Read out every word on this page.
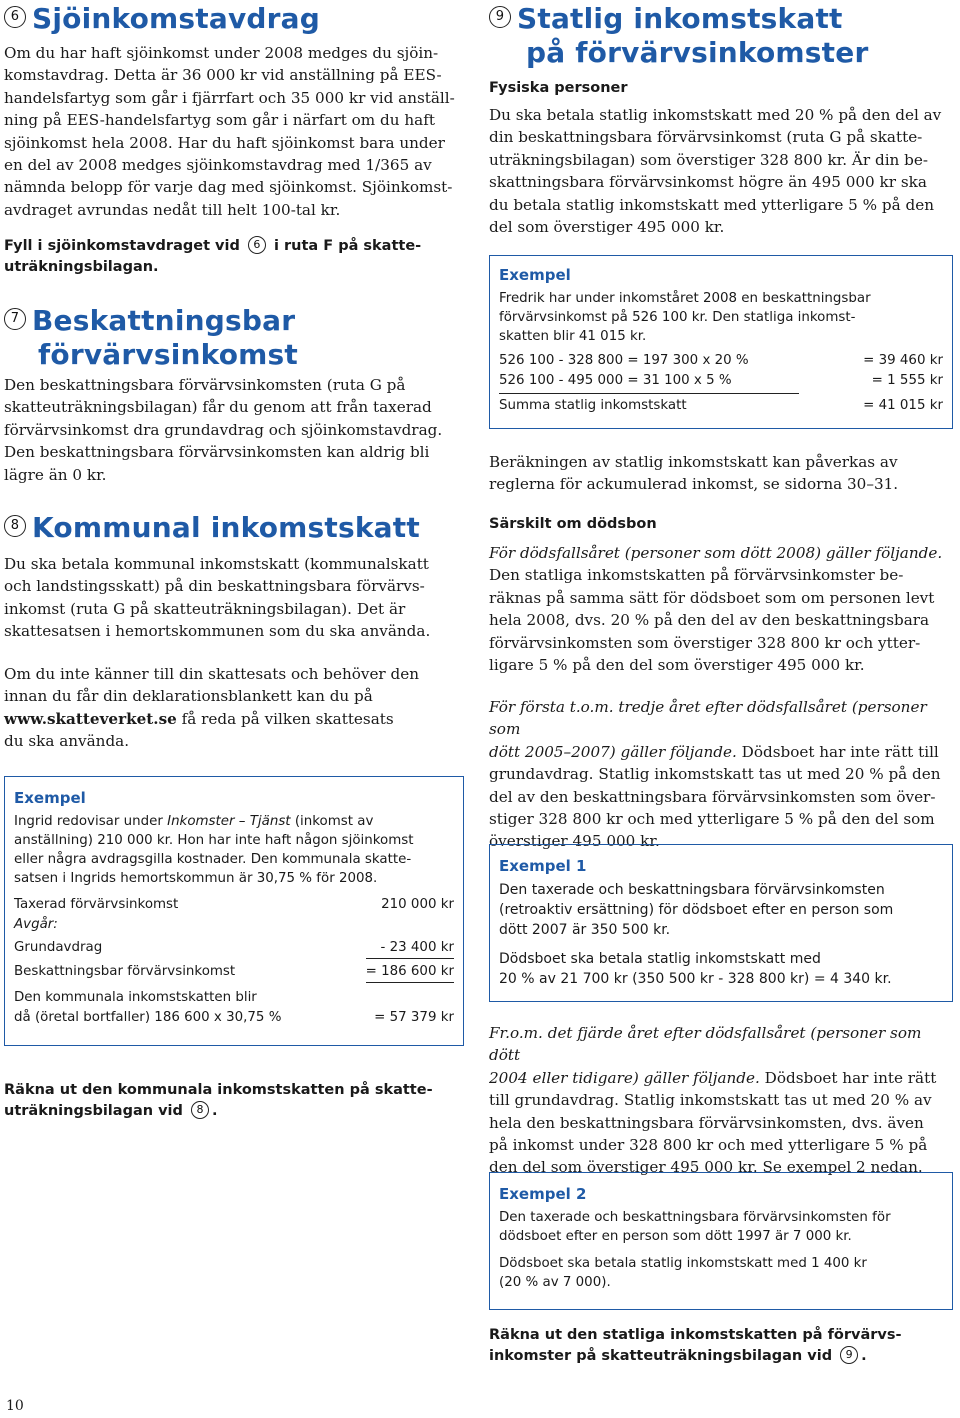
6 Sjöinkomstavdrag

Om du har haft sjöinkomst under 2008 medges du sjöin-

komstavdrag. Detta är 36 000 kr vid anställning på EES-

handelsfartyg som går i fjärrfart och 35 000 kr vid anställ-

ning på EES-handelsfartyg som går i närfart om du haft

sjöinkomst hela 2008. Har du haft sjöinkomst bara under

en del av 2008 medges sjöinkomstavdrag med 1/365 av

nämnda belopp för varje dag med sjöinkomst. Sjöinkomst-

avdraget avrundas nedåt till helt 100-tal kr.

Fyll i sjöinkomstavdraget vid 6 i ruta F på skatte-

uträkningsbilagan.

7 Beskattningsbar
förvärvsinkomst

Den beskattningsbara förvärvsinkomsten (ruta G på

skatteuträkningsbilagan) får du genom att från taxerad

förvärvsinkomst dra grundavdrag och sjöinkomstavdrag.

Den beskattningsbara förvärvsinkomsten kan aldrig bli

lägre än 0 kr.

8 Kommunal inkomstskatt

Du ska betala kommunal inkomstskatt (kommunalskatt

och landstingsskatt) på din beskattningsbara förvärvs-

inkomst (ruta G på skatteuträkningsbilagan). Det är

skattesatsen i hemortskommunen som du ska använda.

Om du inte känner till din skattesats och behöver den

innan du får din deklarationsblankett kan du på

www.skatteverket.se få reda på vilken skattesats

du ska använda.

Exempel

Ingrid redovisar under Inkomster – Tjänst (inkomst av

anställning) 210 000 kr. Hon har inte haft någon sjöinkomst

eller några avdragsgilla kostnader. Den kommunala skatte-

satsen i Ingrids hemortskommun är 30,75 % för 2008.

Taxerad förvärvsinkomst	210 000 kr
Avgår:
Grundavdrag	- 23 400 kr
Beskattningsbar förvärvsinkomst	= 186 600 kr
Den kommunala inkomstskatten blir
då (öretal bortfaller) 186 600 x 30,75 %	= 57 379 kr

Räkna ut den kommunala inkomstskatten på skatte-

uträkningsbilagan vid 8 .

9 Statlig inkomstskatt
på förvärvsinkomster
Fysiska personer

Du ska betala statlig inkomstskatt med 20 % på den del av

din beskattningsbara förvärvsinkomst (ruta G på skatte-

uträkningsbilagan) som överstiger 328 800 kr. Är din be-

skattningsbara förvärvsinkomst högre än 495 000 kr ska

du betala statlig inkomstskatt med ytterligare 5 % på den

del som överstiger 495 000 kr.

Exempel

Fredrik har under inkomståret 2008 en beskattningsbar

förvärvsinkomst på 526 100 kr. Den statliga inkomst-

skatten blir 41 015 kr.

526 100 - 328 800 = 197 300 x 20 %	= 39 460 kr
526 100 - 495 000 = 31 100 x 5 %	= 1 555 kr
Summa statlig inkomstskatt	= 41 015 kr

Beräkningen av statlig inkomstskatt kan påverkas av

reglerna för ackumulerad inkomst, se sidorna 30–31.

Särskilt om dödsbon

För dödsfallsåret (personer som dött 2008) gäller följande.

Den statliga inkomstskatten på förvärvsinkomster be-

räknas på samma sätt för dödsboet som om personen levt

hela 2008, dvs. 20 % på den del av den beskattningsbara

förvärvsinkomsten som överstiger 328 800 kr och ytter-

ligare 5 % på den del som överstiger 495 000 kr.

För första t.o.m. tredje året efter dödsfallsåret (personer som

dött 2005–2007) gäller följande. Dödsboet har inte rätt till

grundavdrag. Statlig inkomstskatt tas ut med 20 % på den

del av den beskattningsbara förvärvsinkomsten som över-

stiger 328 800 kr och med ytterligare 5 % på den del som

överstiger 495 000 kr.

Exempel 1

Den taxerade och beskattningsbara förvärvsinkomsten

(retroaktiv ersättning) för dödsboet efter en person som

dött 2007 är 350 500 kr.

Dödsboet ska betala statlig inkomstskatt med

20 % av 21 700 kr (350 500 kr - 328 800 kr) = 4 340 kr.

Fr.o.m. det fjärde året efter dödsfallsåret (personer som dött

2004 eller tidigare) gäller följande. Dödsboet har inte rätt

till grundavdrag. Statlig inkomstskatt tas ut med 20 % av

hela den beskattningsbara förvärvsinkomsten, dvs. även

på inkomst under 328 800 kr och med ytterligare 5 % på

den del som överstiger 495 000 kr. Se exempel 2 nedan.

Exempel 2

Den taxerade och beskattningsbara förvärvsinkomsten för

dödsboet efter en person som dött 1997 är 7 000 kr.

Dödsboet ska betala statlig inkomstskatt med 1 400 kr

(20 % av 7 000).

Räkna ut den statliga inkomstskatten på förvärvs-

inkomster på skatteuträkningsbilagan vid 9 .

10
